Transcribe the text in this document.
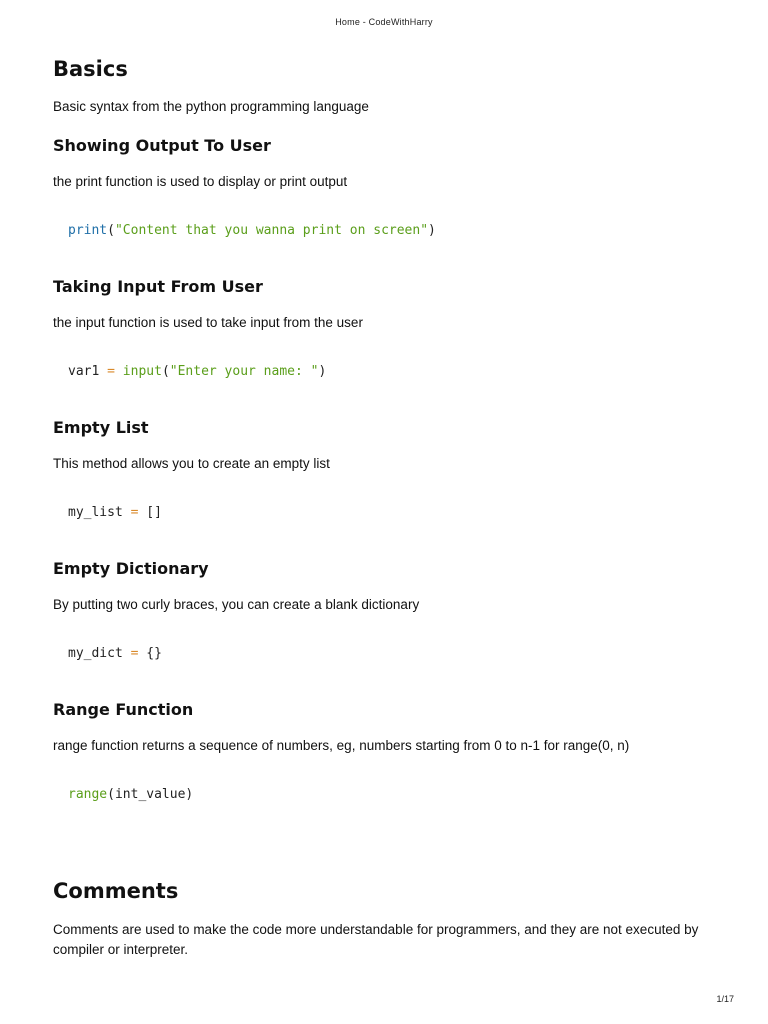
Home - CodeWithHarry
Basics

Basic syntax from the python programming language

Showing Output To User

the print function is used to display or print output

print("Content that you wanna print on screen")
Taking Input From User

the input function is used to take input from the user

var1 = input("Enter your name: ")
Empty List

This method allows you to create an empty list

my_list = []
Empty Dictionary

By putting two curly braces, you can create a blank dictionary

my_dict = {}
Range Function

range function returns a sequence of numbers, eg, numbers starting from 0 to n-1 for range(0, n)

range(int_value)
Comments

Comments are used to make the code more understandable for programmers, and they are not executed by compiler or interpreter.

1/17
